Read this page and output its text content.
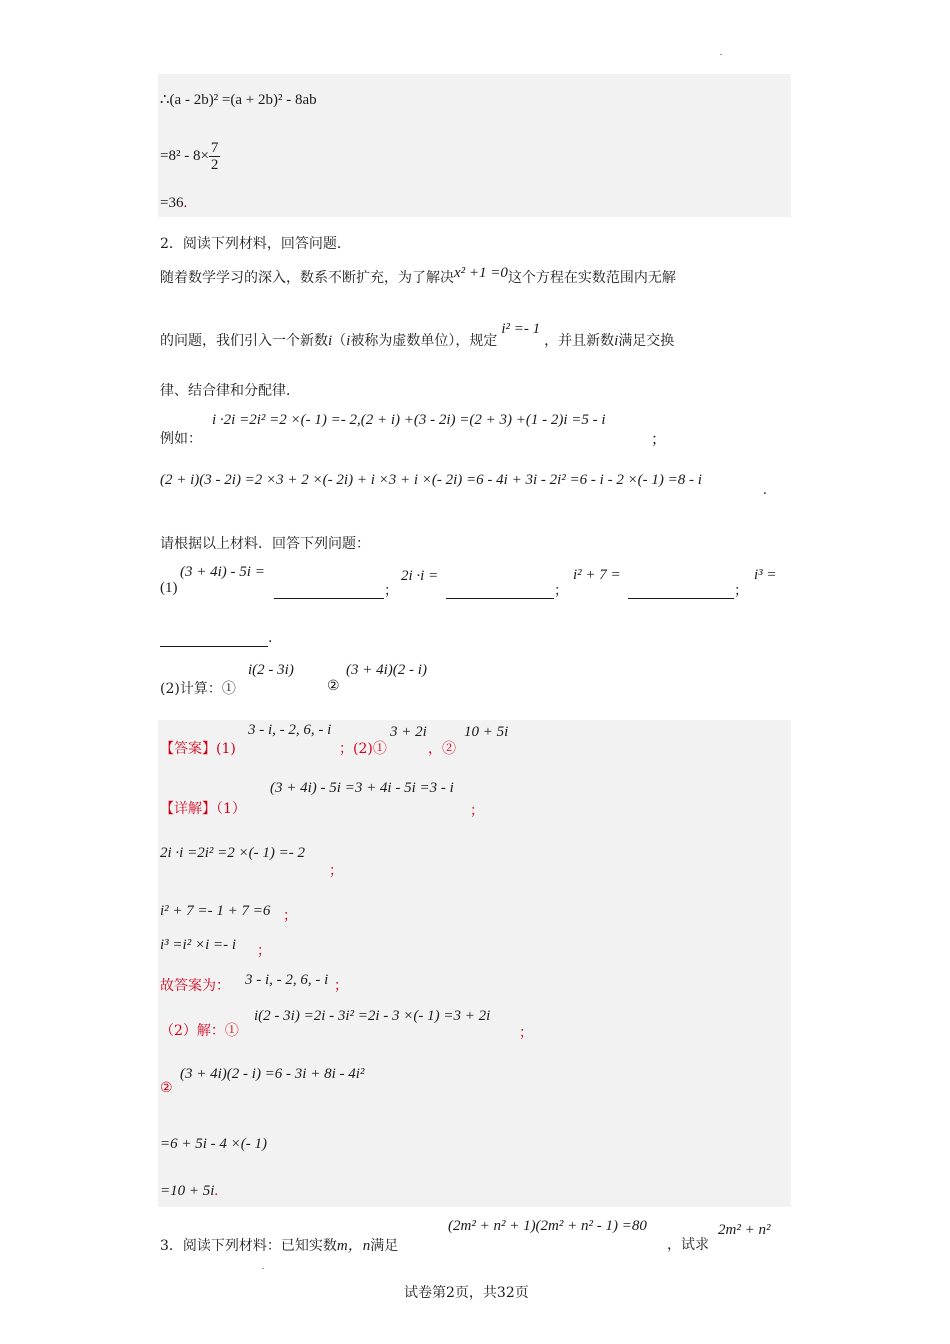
∴(a - 2b)² =(a + 2b)² - 8ab
$=8^2 - 8\times \frac{7}{2}$
=36.
2．阅读下列材料，回答问题．
随着数学学习的深入，数系不断扩充，为了解决x² +1 =0这个方程在实数范围内无解
的问题，我们引入一个新数i（i被称为虚数单位），规定i² =- 1，并且新数i满足交换
律、结合律和分配律．
例如：
i ·2i =2i² =2 ×(- 1) =- 2,(2 + i) +(3 - 2i) =(2 + 3) +(1 - 2)i =5 - i
；
(2 + i)(3 - 2i) =2 ×3 + 2 ×(- 2i) + i ×3 + i ×(- 2i) =6 - 4i + 3i - 2i² =6 - i - 2 ×(- 1) =8 - i
.
请根据以上材料．回答下列问题：
(1)
(3 + 4i) - 5i =
；
2i ·i =
；
i² + 7 =
；
i³ =
.
(2)计算：①
i(2 - 3i)
②
(3 + 4i)(2 - i)
【答案】(1)
3 - i, - 2, 6, - i
；(2)①
3 + 2i
，②
10 + 5i
【详解】（1）
(3 + 4i) - 5i =3 + 4i - 5i =3 - i
；
2i ·i =2i² =2 ×(- 1) =- 2
；
i² + 7 =- 1 + 7 =6 ；
i³ =i² ×i =- i ；
故答案为： 3 - i, - 2, 6, - i ；
（2）解：①
i(2 - 3i) =2i - 3i² =2i - 3 ×(- 1) =3 + 2i
；
②
(3 + 4i)(2 - i) =6 - 3i + 8i - 4i²
=6 + 5i - 4 ×(- 1)
=10 + 5i.
3．阅读下列材料：已知实数m，n满足
(2m² + n² + 1)(2m² + n² - 1) =80
，试求
2m² + n²
试卷第2页，共32页
